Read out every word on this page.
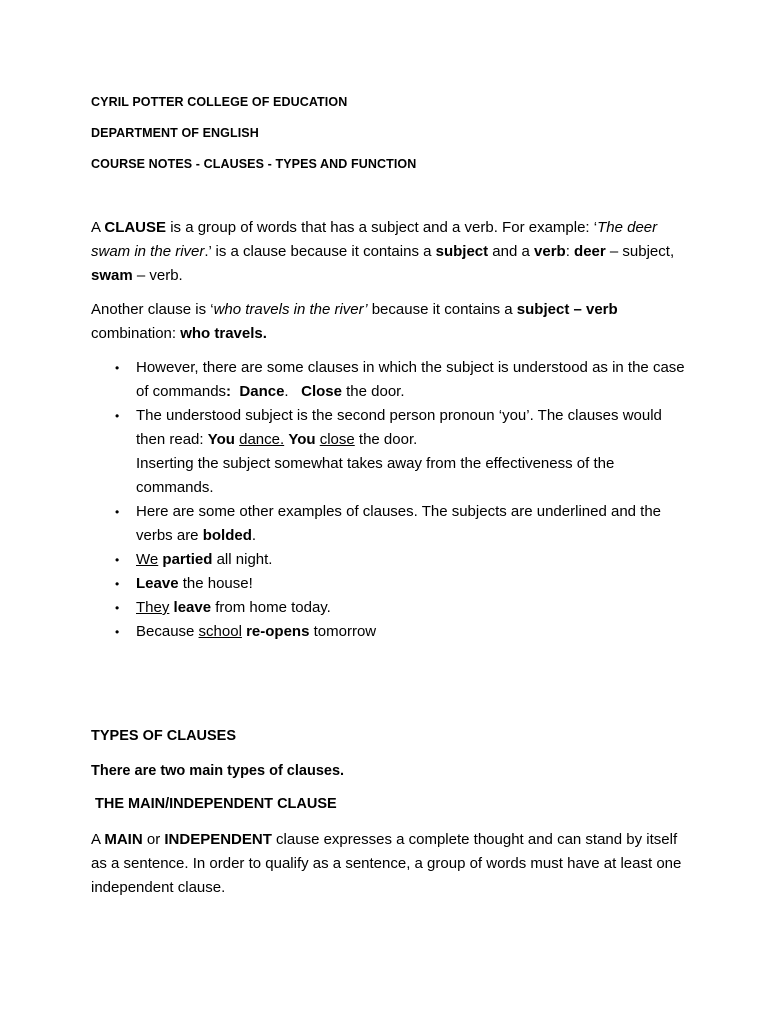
CYRIL POTTER COLLEGE OF EDUCATION
DEPARTMENT OF ENGLISH
COURSE NOTES - CLAUSES - TYPES AND FUNCTION

A CLAUSE is a group of words that has a subject and a verb. For example: ‘The deer swam in the river.’ is a clause because it contains a subject and a verb: deer – subject, swam – verb.

Another clause is ‘who travels in the river’ because it contains a subject – verb combination: who travels.

• However, there are some clauses in which the subject is understood as in the case of commands: Dance. Close the door.
• The understood subject is the second person pronoun ‘you’. The clauses would then read: You dance. You close the door.
Inserting the subject somewhat takes away from the effectiveness of the commands.
• Here are some other examples of clauses. The subjects are underlined and the verbs are bolded.
• We partied all night.
• Leave the house!
• They leave from home today.
• Because school re-opens tomorrow
TYPES OF CLAUSES
There are two main types of clauses.
THE MAIN/INDEPENDENT CLAUSE

A MAIN or INDEPENDENT clause expresses a complete thought and can stand by itself as a sentence. In order to qualify as a sentence, a group of words must have at least one independent clause.
